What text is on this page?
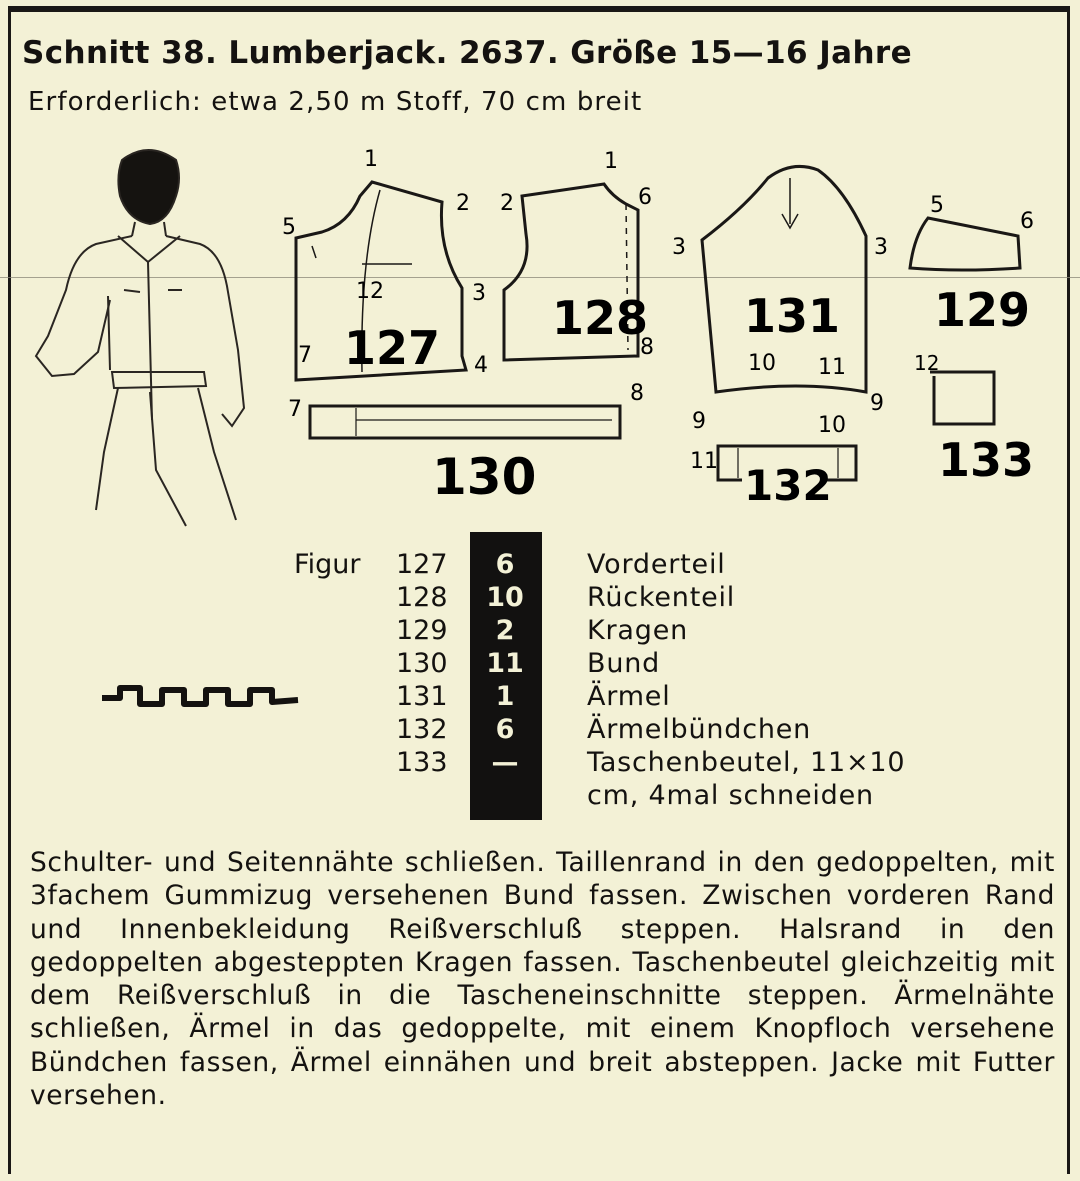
Schnitt 38. Lumberjack. 2637. Größe 15—16 Jahre
Erforderlich: etwa 2,50 m Stoff, 70 cm breit
1
2
3
4
5
7
12
127
2
1
6
8
128
3	3
9
9
10 11
10
131
5
6
129
7
8
130	11 132
12
133
Figur 127	6	Vorderteil
128	10	Rückenteil
129	2	Kragen
130	11	Bund
131	1	Ärmel
132	6	Ärmelbündchen
133	—	Taschenbeutel, 11×10
cm, 4mal schneiden
Schulter- und Seitennähte schließen. Taillenrand in den gedoppelten, mit 3fachem Gummizug versehenen Bund fassen. Zwischen vorderen Rand und Innenbekleidung Reißverschluß steppen. Halsrand in den gedoppelten abgesteppten Kragen fassen. Taschenbeutel gleichzeitig mit dem Reißverschluß in die Tascheneinschnitte steppen. Ärmelnähte schließen, Ärmel in das gedoppelte, mit einem Knopfloch versehene Bündchen fassen, Ärmel einnähen und breit absteppen. Jacke mit Futter versehen.
